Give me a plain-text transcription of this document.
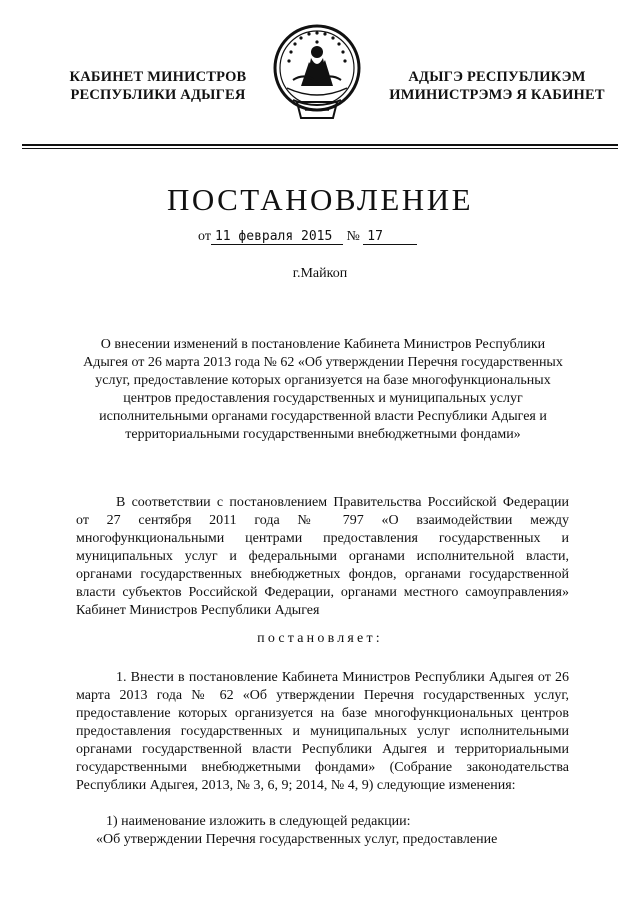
КАБИНЕТ МИНИСТРОВ
РЕСПУБЛИКИ АДЫГЕЯ
АДЫГЭ РЕСПУБЛИКЭМ
ИМИНИСТРЭМЭ Я КАБИНЕТ
ПОСТАНОВЛЕНИЕ
от 11 февраля 2015 № 17
г.Майкоп
О внесении изменений в постановление Кабинета Министров Республики Адыгея от 26 марта 2013 года № 62 «Об утверждении Перечня государственных услуг, предоставление которых организуется на базе многофункциональных центров предоставления государственных и муниципальных услуг исполнительными органами государственной власти Республики Адыгея и территориальными государственными внебюджетными фондами»
В соответствии с постановлением Правительства Российской Федерации от 27 сентября 2011 года № 797 «О взаимодействии между многофункциональными центрами предоставления государственных и муниципальных услуг и федеральными органами исполнительной власти, органами государственных внебюджетных фондов, органами государственной власти субъектов Российской Федерации, органами местного самоуправления» Кабинет Министров Республики Адыгея
постановляет:
1. Внести в постановление Кабинета Министров Республики Адыгея от 26 марта 2013 года № 62 «Об утверждении Перечня государственных услуг, предоставление которых организуется на базе многофункциональных центров предоставления государственных и муниципальных услуг исполнительными органами государственной власти Республики Адыгея и территориальными государственными внебюджетными фондами» (Собрание законодательства Республики Адыгея, 2013, № 3, 6, 9; 2014, № 4, 9) следующие изменения:
1) наименование изложить в следующей редакции:
«Об утверждении Перечня государственных услуг, предоставление
